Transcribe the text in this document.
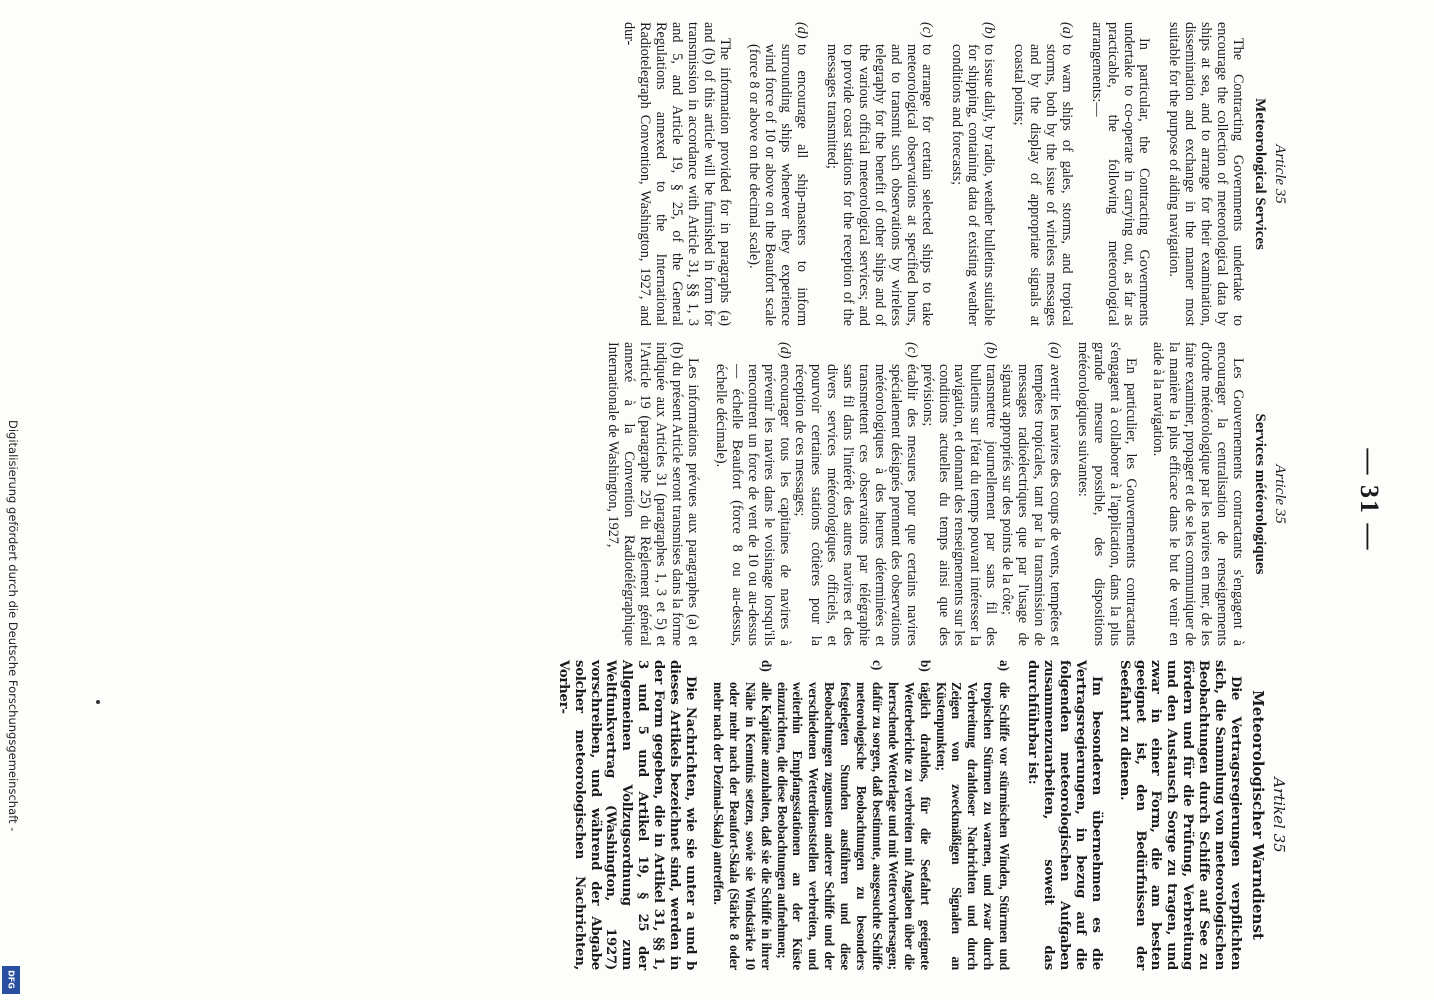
— 31 —
Article 35
Meteorological Services

The Contracting Governments undertake to encourage the collection of meteorological data by ships at sea, and to arrange for their examination, dissemination and exchange in the manner most suitable for the purpose of aiding navigation.

In particular, the Contracting Governments undertake to co-operate in carrying out, as far as practicable, the following meteorological arrangements:—

(a)
to warn ships of gales, storms, and tropical storms, both by the issue of wireless messages and by the display of appropriate signals at coastal points;
(b)
to issue daily, by radio, weather bulletins suitable for shipping, containing data of existing weather conditions and forecasts;
(c)
to arrange for certain selected ships to take meteorological observations at specified hours, and to transmit such observations by wireless telegraphy for the benefit of other ships and of the various official meteorological services; and to provide coast stations for the reception of the messages transmitted;
(d)
to encourage all ship-masters to inform surrounding ships whenever they experience wind force of 10 or above on the Beaufort scale (force 8 or above on the decimal scale).

The information provided for in paragraphs (a) and (b) of this article will be furnished in form for transmission in accordance with Article 31, §§ 1, 3 and 5, and Article 19, § 25, of the General Regulations annexed to the International Radiotelegraph Convention, Washington, 1927, and dur-

Article 35
Services météorologiques

Les Gouvernements contractants s'engagent à encourager la centralisation de renseignements d'ordre météorologique par les navires en mer, de les faire examiner, propager et de se les communiquer de la manière la plus efficace dans le but de venir en aide à la navigation.

En particulier, les Gouvernements contractants s'engagent à collaborer à l'application, dans la plus grande mesure possible, des dispositions météorologiques suivantes:

(a)
avertir les navires des coups de vents, tempêtes et tempêtes tropicales, tant par la transmission de messages radioélectriques que par l'usage de signaux appropriés sur des points de la côte;
(b)
transmettre journellement par sans fil des bulletins sur l'état du temps pouvant intéresser la navigation, et donnant des renseignements sur les conditions actuelles du temps ainsi que des prévisions;
(c)
établir des mesures pour que certains navires spécialement désignés prennent des observations météorologiques à des heures déterminées et transmettent ces observations par télégraphie sans fil dans l'intérêt des autres navires et des divers services météorologiques officiels, et pourvoir certaines stations côtières pour la réception de ces messages;
(d)
encourager tous les capitaines de navires à prévenir les navires dans le voisinage lorsqu'ils rencontrent un force de vent de 10 ou au-dessus — échelle Beaufort (force 8 ou au-dessus, échelle décimale).

Les informations prévues aux paragraphes (a) et (b) du présent Article seront transmises dans la forme indiquée aux Articles 31 (paragraphes 1, 3 et 5) et l'Article 19 (paragraphe 25) du Règlement général annexé à la Convention Radiotélégraphique Internationale de Washington, 1927,

Artikel 35
Meteorologischer Warndienst

Die Vertragsregierungen verpflichten sich, die Sammlung von meteorologischen Beobachtungen durch Schiffe auf See zu fördern und für die Prüfung, Verbreitung und den Austausch Sorge zu tragen, und zwar in einer Form, die am besten geeignet ist, den Bedürfnissen der Seefahrt zu dienen.

Im besonderen übernehmen es die Vertragsregierungen, in bezug auf die folgenden meteorologischen Aufgaben zusammenzuarbeiten, soweit das durchführbar ist:

a)
die Schiffe vor stürmischen Winden, Stürmen und tropischen Stürmen zu warnen, und zwar durch Verbreitung drahtloser Nachrichten und durch Zeigen von zweckmäßigen Signalen an Küstenpunkten;
b)
täglich drahtlos, für die Seefahrt geeignete Wetterberichte zu verbreiten mit Angaben über die herrschende Wetterlage und mit Wettervorhersagen;
c)
dafür zu sorgen, daß bestimmte, ausgesuchte Schiffe meteorologische Beobachtungen zu besonders festgelegten Stunden ausführen und diese Beobachtungen zugunsten anderer Schiffe und der verschiedenen Wetterdienststellen verbreiten, und weiterhin Empfangsstationen an der Küste einzurichten, die diese Beobachtungen aufnehmen;
d)
alle Kapitäne anzuhalten, daß sie die Schiffe in ihrer Nähe in Kenntnis setzen, sowie sie Windstärke 10 oder mehr nach der Beaufort-Skala (Stärke 8 oder mehr nach der Dezimal-Skala) antreffen.

Die Nachrichten, wie sie unter a und b dieses Artikels bezeichnet sind, werden in der Form gegeben, die in Artikel 31, §§ 1, 3 und 5 und Artikel 19, § 25 der Allgemeinen Vollzugsordnung zum Weltfunkvertrag (Washington, 1927) vorschreiben, und während der Abgabe solcher meteorologischen Nachrichten, Vorher-

Digitalisierung gefördert durch die Deutsche Forschungsgemeinschaft -
DFG
